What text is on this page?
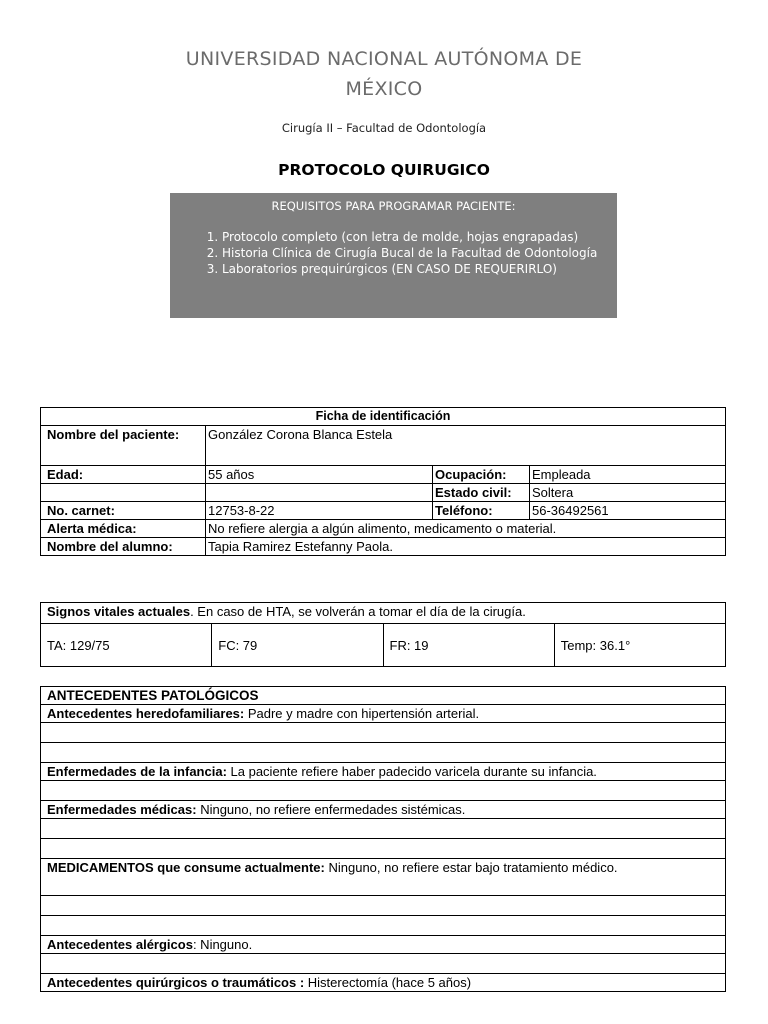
UNIVERSIDAD NACIONAL AUTÓNOMA DE
MÉXICO
Cirugía II – Facultad de Odontología
PROTOCOLO QUIRUGICO
REQUISITOS PARA PROGRAMAR PACIENTE:
1. Protocolo completo (con letra de molde, hojas engrapadas)
2. Historia Clínica de Cirugía Bucal de la Facultad de Odontología
3. Laboratorios prequirúrgicos (EN CASO DE REQUERIRLO)
Ficha de identificación			
Nombre del paciente:	González Corona Blanca Estela		
Edad:	55 años	Ocupación:	Empleada
		Estado civil:	Soltera
No. carnet:	12753-8-22	Teléfono:	56-36492561
Alerta médica:	No refiere alergia a algún alimento, medicamento o material.		
Nombre del alumno:	Tapia Ramirez Estefanny Paola.		
Signos vitales actuales. En caso de HTA, se volverán a tomar el día de la cirugía.
TA: 129/75	FC: 79	FR: 19	Temp: 36.1°
ANTECEDENTES PATOLÓGICOS
Antecedentes heredofamiliares: Padre y madre con hipertensión arterial.

Enfermedades de la infancia: La paciente refiere haber padecido varicela durante su infancia.

Enfermedades médicas: Ninguno, no refiere enfermedades sistémicas.

MEDICAMENTOS que consume actualmente: Ninguno, no refiere estar bajo tratamiento médico.

Antecedentes alérgicos: Ninguno.

Antecedentes quirúrgicos o traumáticos : Histerectomía (hace 5 años)
